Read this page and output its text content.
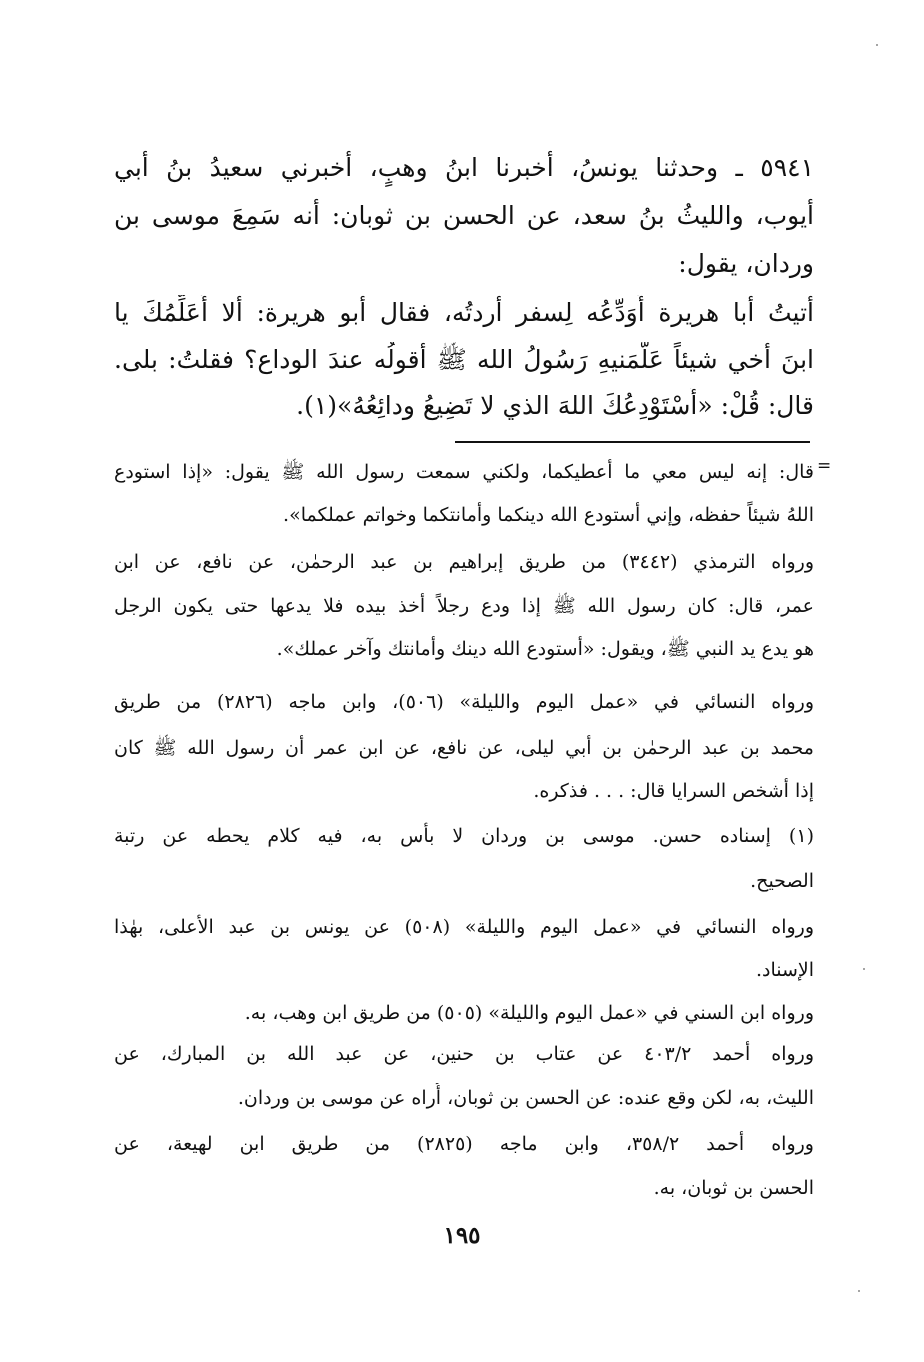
٥٩٤١ ـ وحدثنا يونسُ، أخبرنا ابنُ وهبٍ، أخبرني سعيدُ بنُ أبي

أيوب، والليثُ بنُ سعد، عن الحسن بن ثوبان: أنه سَمِعَ موسى بن

وردان، يقول:

أتيتُ أبا هريرة أُوَدِّعُه لِسفر أردتُه، فقال أبو هريرة: ألا أُعَلِّمُكَ يا

ابنَ أخي شيئاً عَلَّمَنيهِ رَسُولُ الله ﷺ أقولُه عندَ الوداع؟ فقلتُ: بلى.

قال: قُلْ: «أَسْتَوْدِعُكَ اللهَ الذي لا تَضِيعُ ودائِعُهُ»(١).

=

قال: إنه ليس معي ما أعطيكما، ولكني سمعت رسول الله ﷺ يقول: «إذا استودع

اللهُ شيئاً حفظه، وإني أستودع الله دينكما وأمانتكما وخواتم عملكما».

ورواه الترمذي (٣٤٤٢) من طريق إبراهيم بن عبد الرحمٰن، عن نافع، عن ابن

عمر، قال: كان رسول الله ﷺ إذا ودع رجلاً أخذ بيده فلا يدعها حتى يكون الرجل

هو يدع يد النبي ﷺ، ويقول: «أستودع الله دينك وأمانتك وآخر عملك».

ورواه النسائي في «عمل اليوم والليلة» (٥٠٦)، وابن ماجه (٢٨٢٦) من طريق

محمد بن عبد الرحمٰن بن أبي ليلى، عن نافع، عن ابن عمر أن رسول الله ﷺ كان

إذا أشخص السرايا قال: . . . فذكره.

(١) إسناده حسن. موسى بن وردان لا بأس به، فيه كلام يحطه عن رتبة

الصحيح.

ورواه النسائي في «عمل اليوم والليلة» (٥٠٨) عن يونس بن عبد الأعلى، بهٰذا

الإسناد.

ورواه ابن السني في «عمل اليوم والليلة» (٥٠٥) من طريق ابن وهب، به.

ورواه أحمد ٤٠٣/٢ عن عتاب بن حنين، عن عبد الله بن المبارك، عن

الليث، به، لكن وقع عنده: عن الحسن بن ثوبان، أُراه عن موسى بن وردان.

ورواه أحمد ٣٥٨/٢، وابن ماجه (٢٨٢٥) من طريق ابن لهيعة، عن

الحسن بن ثوبان، به.

١٩٥
